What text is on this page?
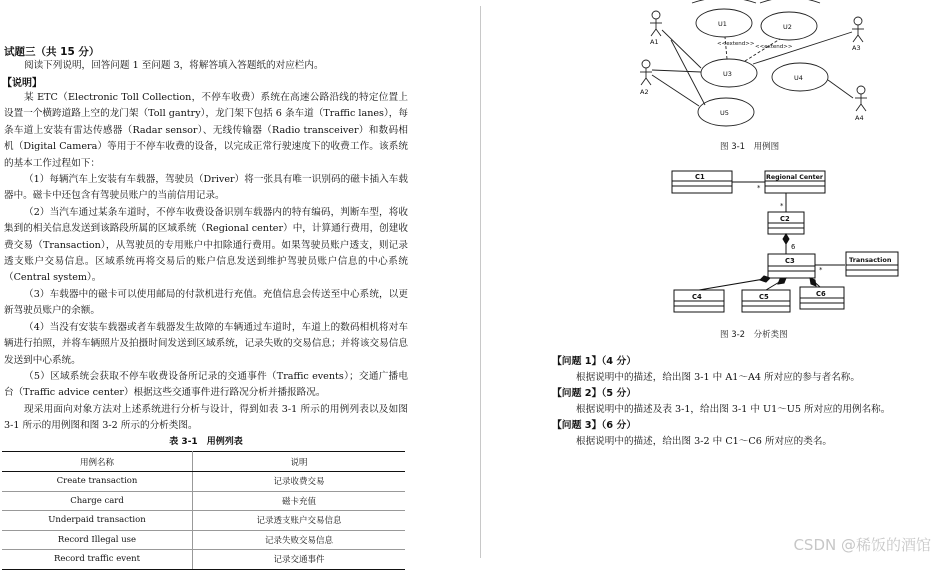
试题三（共 15 分）

阅读下列说明，回答问题 1 至问题 3，将解答填入答题纸的对应栏内。

【说明】

某 ETC（Electronic Toll Collection，不停车收费）系统在高速公路沿线的特定位置上设置一个横跨道路上空的龙门架（Toll gantry），龙门架下包括 6 条车道（Traffic lanes），每条车道上安装有雷达传感器（Radar sensor）、无线传输器（Radio transceiver）和数码相机（Digital Camera）等用于不停车收费的设备，以完成正常行驶速度下的收费工作。该系统的基本工作过程如下：

（1）每辆汽车上安装有车载器，驾驶员（Driver）将一张具有唯一识别码的磁卡插入车载器中。磁卡中还包含有驾驶员账户的当前信用记录。

（2）当汽车通过某条车道时，不停车收费设备识别车载器内的特有编码，判断车型，将收集到的相关信息发送到该路段所属的区域系统（Regional center）中，计算通行费用，创建收费交易（Transaction），从驾驶员的专用账户中扣除通行费用。如果驾驶员账户透支，则记录透支账户交易信息。区域系统再将交易后的账户信息发送到维护驾驶员账户信息的中心系统（Central system）。

（3）车载器中的磁卡可以使用邮局的付款机进行充值。充值信息会传送至中心系统，以更新驾驶员账户的余额。

（4）当没有安装车载器或者车载器发生故障的车辆通过车道时，车道上的数码相机将对车辆进行拍照，并将车辆照片及拍摄时间发送到区域系统，记录失败的交易信息；并将该交易信息发送到中心系统。

（5）区域系统会获取不停车收费设备所记录的交通事件（Traffic events）；交通广播电台（Traffic advice center）根据这些交通事件进行路况分析并播报路况。

现采用面向对象方法对上述系统进行分析与设计，得到如表 3-1 所示的用例列表以及如图 3-1 所示的用例图和图 3-2 所示的分析类图。

表 3-1　用例列表
用例名称	说明
Create transaction	记录收费交易
Charge card	磁卡充值
Underpaid transaction	记录透支账户交易信息
Record Illegal use	记录失败交易信息
Record traffic event	记录交通事件
A1
A2
A3
A4
U1	U2
U3	U4
U5
<<extend>> <<extend>>
图 3-1　用例图
C1	Regional Center
C2
C3
C4	C5	C6
*
*
6
*
Transaction
图 3-2　分析类图
【问题 1】（4 分）
根据说明中的描述，给出图 3-1 中 A1～A4 所对应的参与者名称。
【问题 2】（5 分）
根据说明中的描述及表 3-1，给出图 3-1 中 U1～U5 所对应的用例名称。
【问题 3】（6 分）
根据说明中的描述，给出图 3-2 中 C1～C6 所对应的类名。
CSDN @稀饭的酒馆
